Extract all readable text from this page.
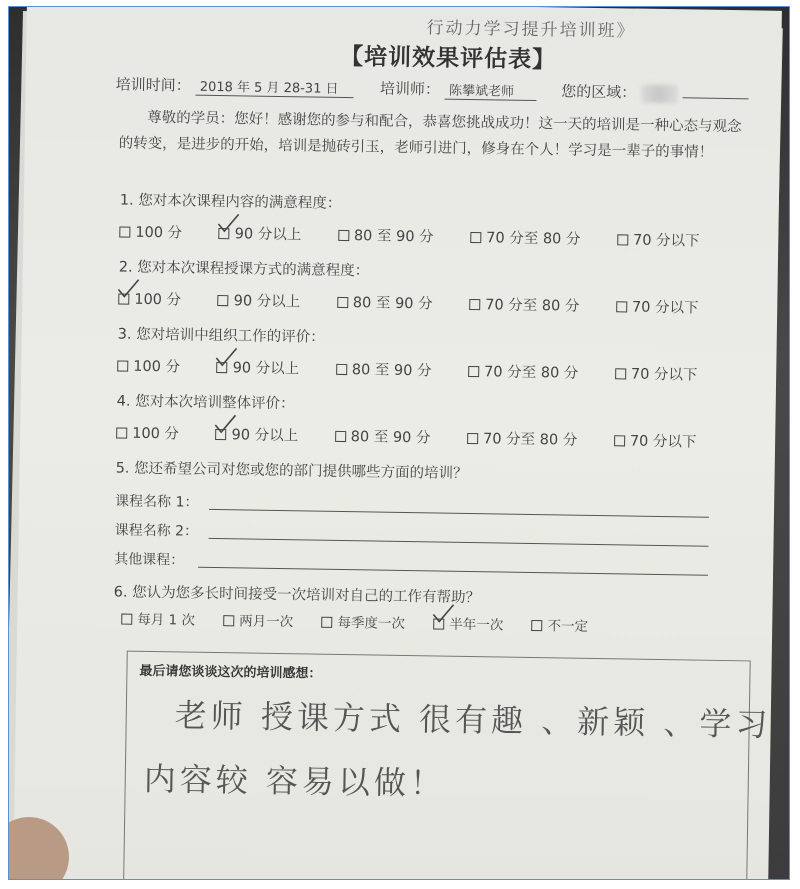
行动力学习提升培训班》
【培训效果评估表】
培训时间： 2018 年 5 月 28-31 日	培训师： 陈攀斌老师	您的区域：
尊敬的学员：您好！感谢您的参与和配合，恭喜您挑战成功！这一天的培训是一种心态与观念
的转变，是进步的开始，培训是抛砖引玉，老师引进门，修身在个人！学习是一辈子的事情！
1. 您对本次课程内容的满意程度：
100 分	90 分以上	80 至 90 分	70 分至 80 分	70 分以下
2. 您对本次课程授课方式的满意程度：
100 分	90 分以上	80 至 90 分	70 分至 80 分	70 分以下
3. 您对培训中组织工作的评价：
100 分	90 分以上	80 至 90 分	70 分至 80 分	70 分以下
4. 您对本次培训整体评价：
100 分	90 分以上	80 至 90 分	70 分至 80 分	70 分以下
5. 您还希望公司对您或您的部门提供哪些方面的培训？
课程名称 1：
课程名称 2：
其他课程：
6. 您认为您多长时间接受一次培训对自己的工作有帮助？
每月 1 次	两月一次	每季度一次	半年一次	不一定
最后请您谈谈这次的培训感想：
老师 授课方式 很有趣 、新颖 、学习
内容较 容易以做！
